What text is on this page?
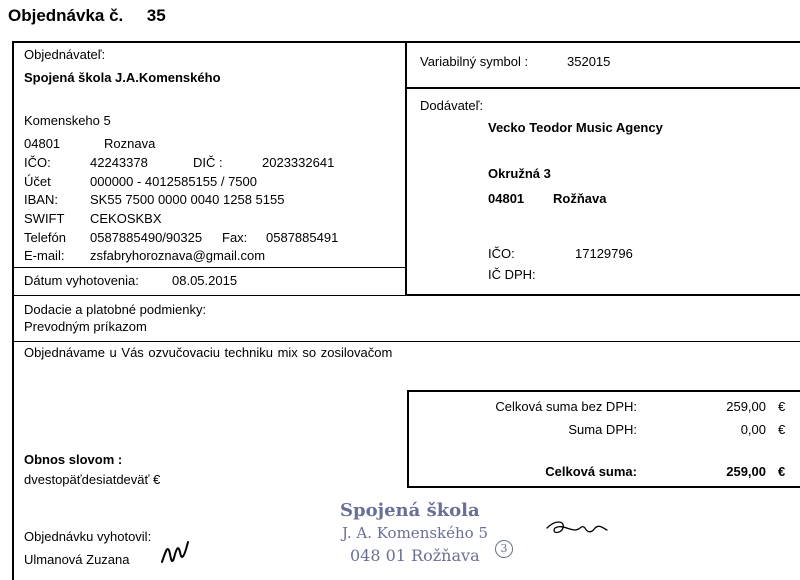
Objednávka č. 35
Objednávateľ:
Spojená škola J.A.Komenského
Komenskeho 5
04801	Roznava
IČO:	42243378	DIČ :	2023332641
Účet	000000 - 4012585155 / 7500
IBAN: SK55 7500 0000 0040 1258 5155
SWIFT CEKOSKBX
Telefón 0587885490/90325 Fax: 0587885491
E-mail: zsfabryhoroznava@gmail.com
Dátum vyhotovenia:	08.05.2015
Variabilný symbol :	352015
Dodávateľ:
Vecko Teodor Music Agency
Okružná 3
04801 Rožňava
IČO:	17129796
IČ DPH:
Dodacie a platobné podmienky:
Prevodným príkazom
Objednávame u Vás ozvučovaciu techniku mix so zosilovačom
Celková suma bez DPH:	259,00 €
Suma DPH:	0,00 €
Celková suma:	259,00 €
Obnos slovom :
dvestopäťdesiatdeväť €
Objednávku vyhotovil:
Ulmanová Zuzana
Spojená škola
J. A. Komenského 5
048 01 Rožňava	3
